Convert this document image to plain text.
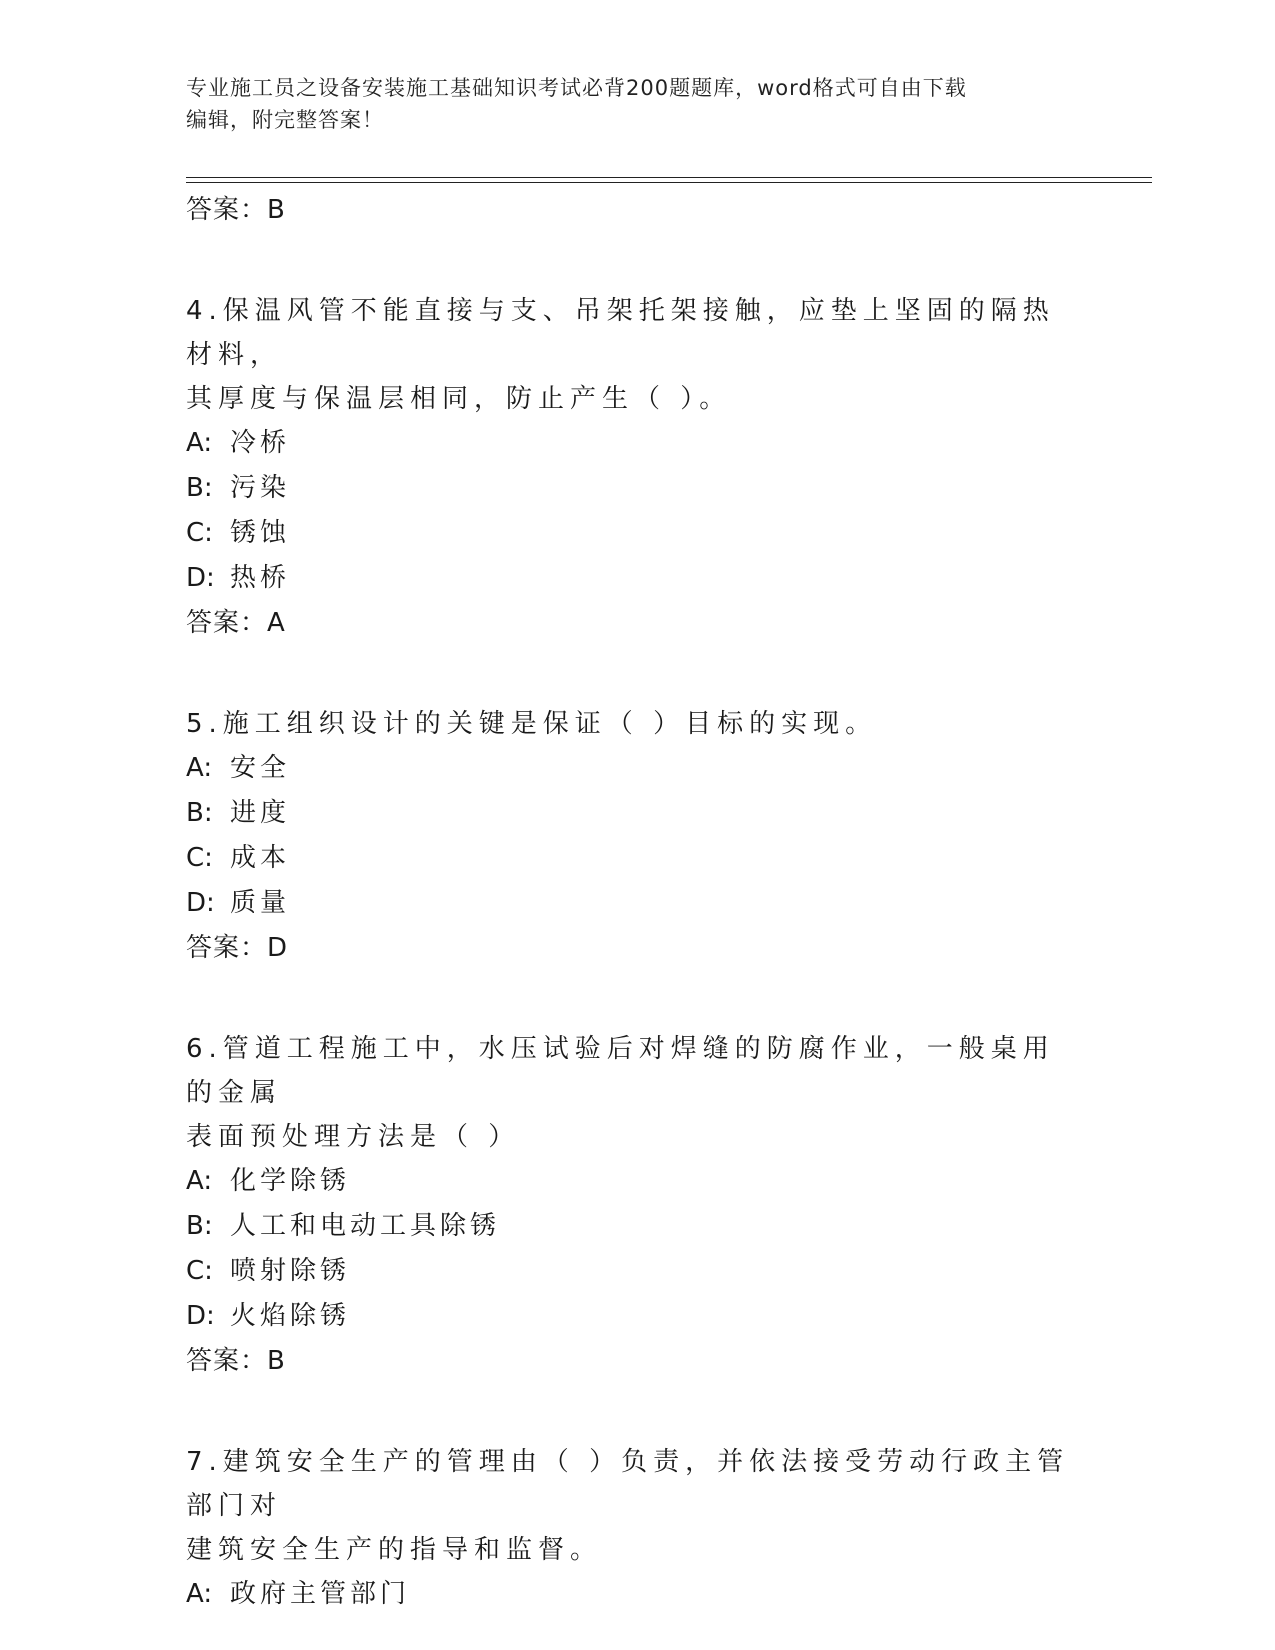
专业施工员之设备安装施工基础知识考试必背200题题库，word格式可自由下载
编辑，附完整答案！
答案：B
4.保温风管不能直接与支、吊架托架接触，应垫上坚固的隔热材料，
其厚度与保温层相同，防止产生（ ）。
A: 冷桥
B: 污染
C: 锈蚀
D: 热桥
答案：A
5.施工组织设计的关键是保证（ ）目标的实现。
A: 安全
B: 进度
C: 成本
D: 质量
答案：D
6.管道工程施工中，水压试验后对焊缝的防腐作业，一般桌用的金属
表面预处理方法是（ ）
A: 化学除锈
B: 人工和电动工具除锈
C: 喷射除锈
D: 火焰除锈
答案：B
7.建筑安全生产的管理由（ ）负责，并依法接受劳动行政主管部门对
建筑安全生产的指导和监督。
A: 政府主管部门
